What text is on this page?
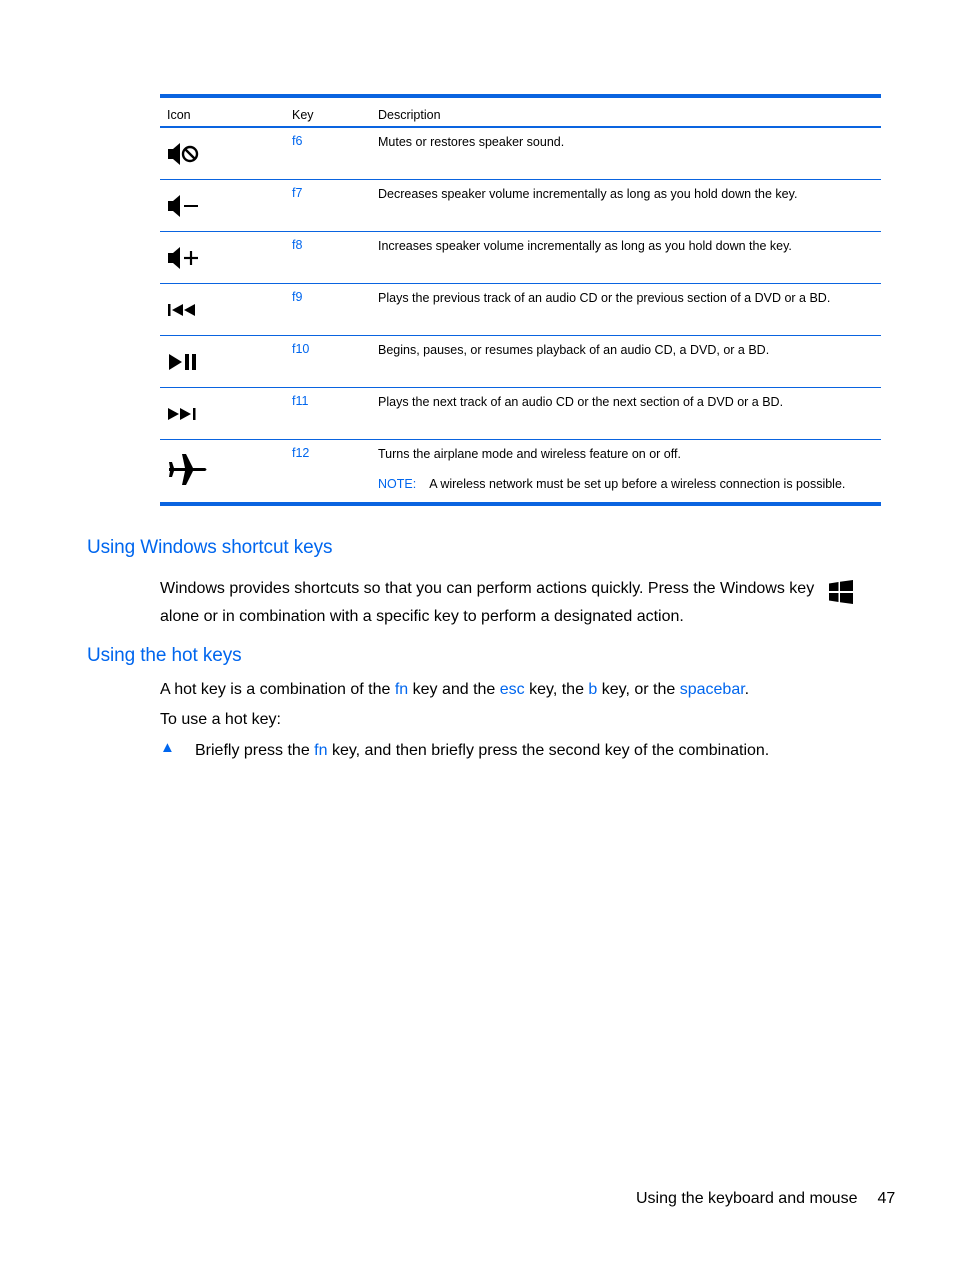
Icon	Key	Description
f6	Mutes or restores speaker sound.
f7	Decreases speaker volume incrementally as long as you hold down the key.
f8	Increases speaker volume incrementally as long as you hold down the key.
f9	Plays the previous track of an audio CD or the previous section of a DVD or a BD.
f10	Begins, pauses, or resumes playback of an audio CD, a DVD, or a BD.
f11	Plays the next track of an audio CD or the next section of a DVD or a BD.
f12	Turns the airplane mode and wireless feature on or off.
NOTE: A wireless network must be set up before a wireless connection is possible.
Using Windows shortcut keys

Windows provides shortcuts so that you can perform actions quickly. Press the Windows key
alone or in combination with a specific key to perform a designated action.

Using the hot keys

A hot key is a combination of the fn key and the esc key, the b key, or the spacebar.

To use a hot key:

▲ Briefly press the fn key, and then briefly press the second key of the combination.

Using the keyboard and mouse 47
